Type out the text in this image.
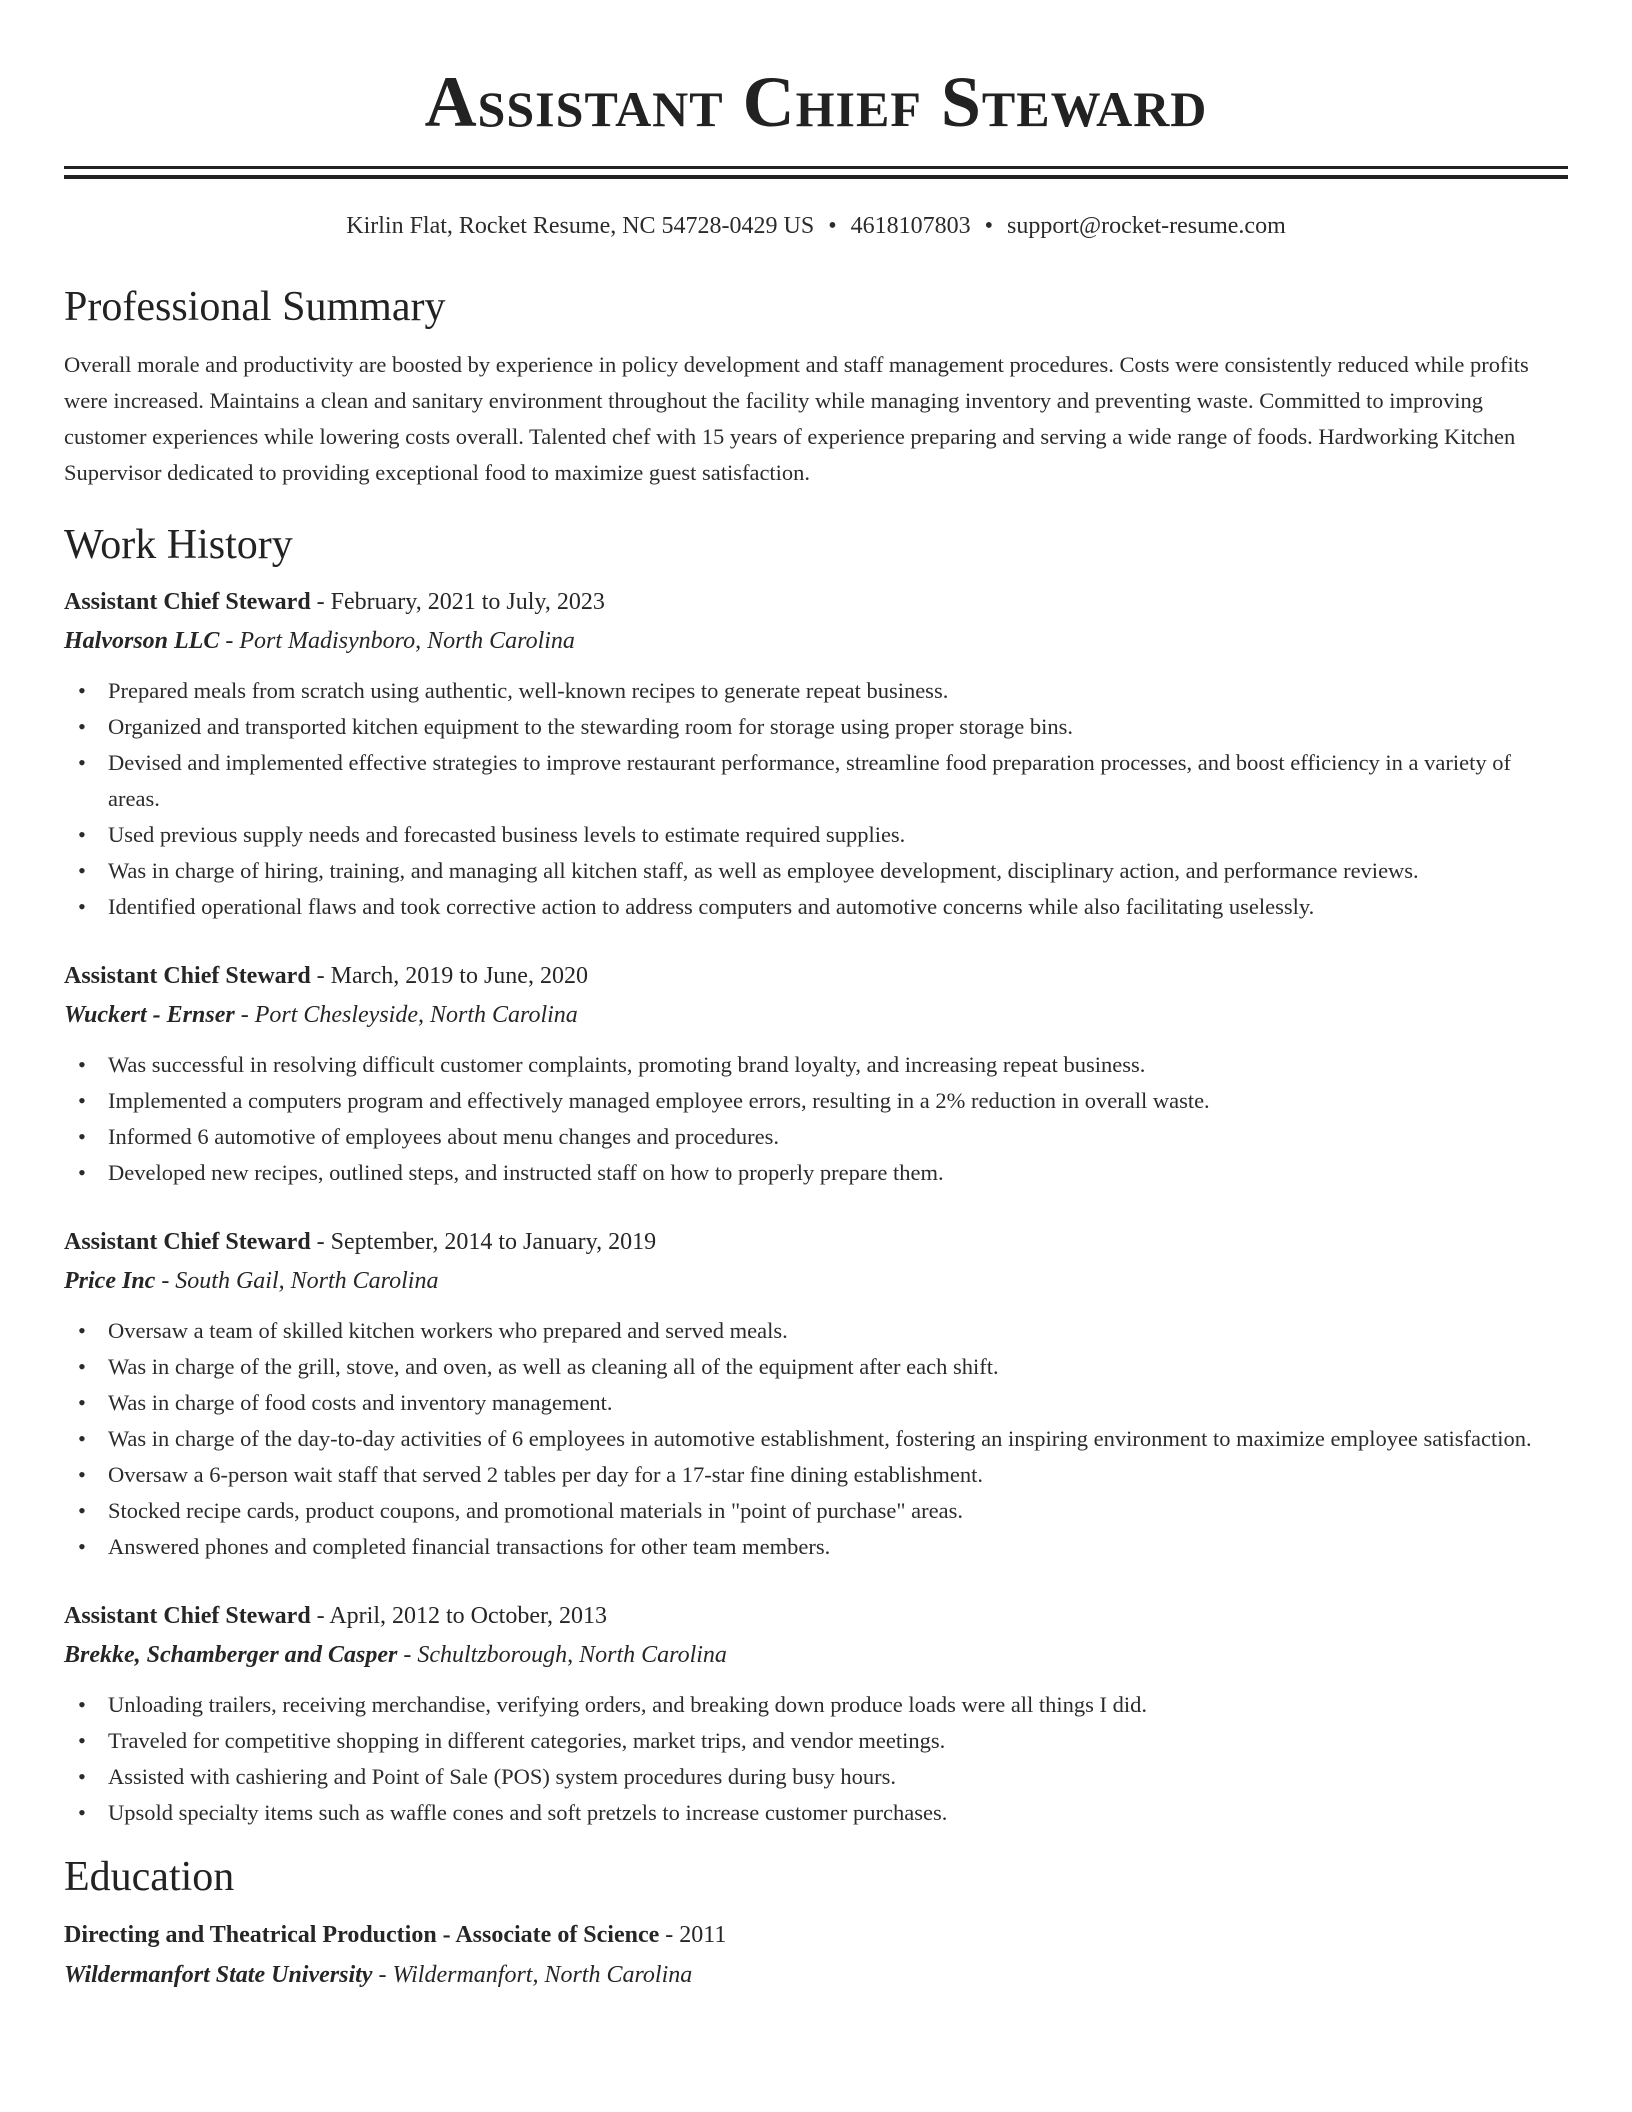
Assistant Chief Steward
Kirlin Flat, Rocket Resume, NC 54728-0429 US • 4618107803 • support@rocket-resume.com
Professional Summary
Overall morale and productivity are boosted by experience in policy development and staff management procedures. Costs were consistently reduced while profits were increased. Maintains a clean and sanitary environment throughout the facility while managing inventory and preventing waste. Committed to improving customer experiences while lowering costs overall. Talented chef with 15 years of experience preparing and serving a wide range of foods. Hardworking Kitchen Supervisor dedicated to providing exceptional food to maximize guest satisfaction.
Work History
Assistant Chief Steward - February, 2021 to July, 2023
Halvorson LLC - Port Madisynboro, North Carolina
• Prepared meals from scratch using authentic, well-known recipes to generate repeat business.
• Organized and transported kitchen equipment to the stewarding room for storage using proper storage bins.
• Devised and implemented effective strategies to improve restaurant performance, streamline food preparation processes, and boost efficiency in a variety of areas.
• Used previous supply needs and forecasted business levels to estimate required supplies.
• Was in charge of hiring, training, and managing all kitchen staff, as well as employee development, disciplinary action, and performance reviews.
• Identified operational flaws and took corrective action to address computers and automotive concerns while also facilitating uselessly.
Assistant Chief Steward - March, 2019 to June, 2020
Wuckert - Ernser - Port Chesleyside, North Carolina
• Was successful in resolving difficult customer complaints, promoting brand loyalty, and increasing repeat business.
• Implemented a computers program and effectively managed employee errors, resulting in a 2% reduction in overall waste.
• Informed 6 automotive of employees about menu changes and procedures.
• Developed new recipes, outlined steps, and instructed staff on how to properly prepare them.
Assistant Chief Steward - September, 2014 to January, 2019
Price Inc - South Gail, North Carolina
• Oversaw a team of skilled kitchen workers who prepared and served meals.
• Was in charge of the grill, stove, and oven, as well as cleaning all of the equipment after each shift.
• Was in charge of food costs and inventory management.
• Was in charge of the day-to-day activities of 6 employees in automotive establishment, fostering an inspiring environment to maximize employee satisfaction.
• Oversaw a 6-person wait staff that served 2 tables per day for a 17-star fine dining establishment.
• Stocked recipe cards, product coupons, and promotional materials in "point of purchase" areas.
• Answered phones and completed financial transactions for other team members.
Assistant Chief Steward - April, 2012 to October, 2013
Brekke, Schamberger and Casper - Schultzborough, North Carolina
• Unloading trailers, receiving merchandise, verifying orders, and breaking down produce loads were all things I did.
• Traveled for competitive shopping in different categories, market trips, and vendor meetings.
• Assisted with cashiering and Point of Sale (POS) system procedures during busy hours.
• Upsold specialty items such as waffle cones and soft pretzels to increase customer purchases.
Education
Directing and Theatrical Production - Associate of Science - 2011
Wildermanfort State University - Wildermanfort, North Carolina
